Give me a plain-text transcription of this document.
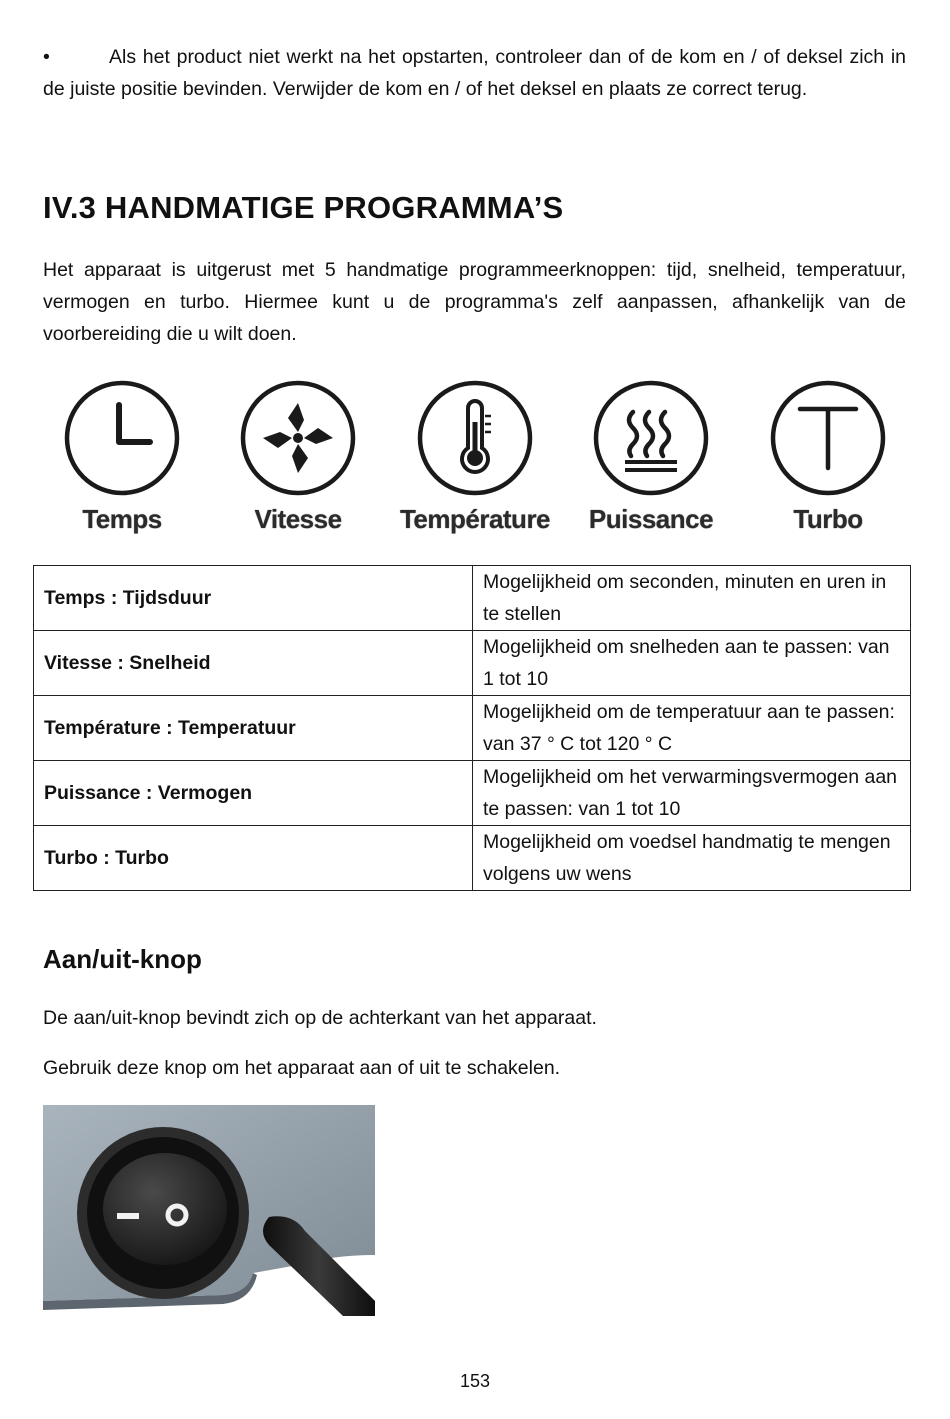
•	Als het product niet werkt na het opstarten, controleer dan of de kom en / of deksel zich in de juiste positie bevinden. Verwijder de kom en / of het deksel en plaats ze correct terug.

IV.3 HANDMATIGE PROGRAMMA’S

Het apparaat is uitgerust met 5 handmatige programmeerknoppen: tijd, snelheid, temperatuur, vermogen en turbo. Hiermee kunt u de programma's zelf aanpassen, afhankelijk van de voorbereiding die u wilt doen.

Temps	Vitesse	Température	Puissance	Turbo
Temps : Tijdsduur	Mogelijkheid om seconden, minuten en uren in te stellen
Vitesse : Snelheid	Mogelijkheid om snelheden aan te passen: van 1 tot 10
Température : Temperatuur	Mogelijkheid om de temperatuur aan te passen: van 37 ° C tot 120 ° C
Puissance : Vermogen	Mogelijkheid om het verwarmingsvermogen aan te passen: van 1 tot 10
Turbo : Turbo	Mogelijkheid om voedsel handmatig te mengen volgens uw wens
Aan/uit-knop

De aan/uit-knop bevindt zich op de achterkant van het apparaat.

Gebruik deze knop om het apparaat aan of uit te schakelen.

153
